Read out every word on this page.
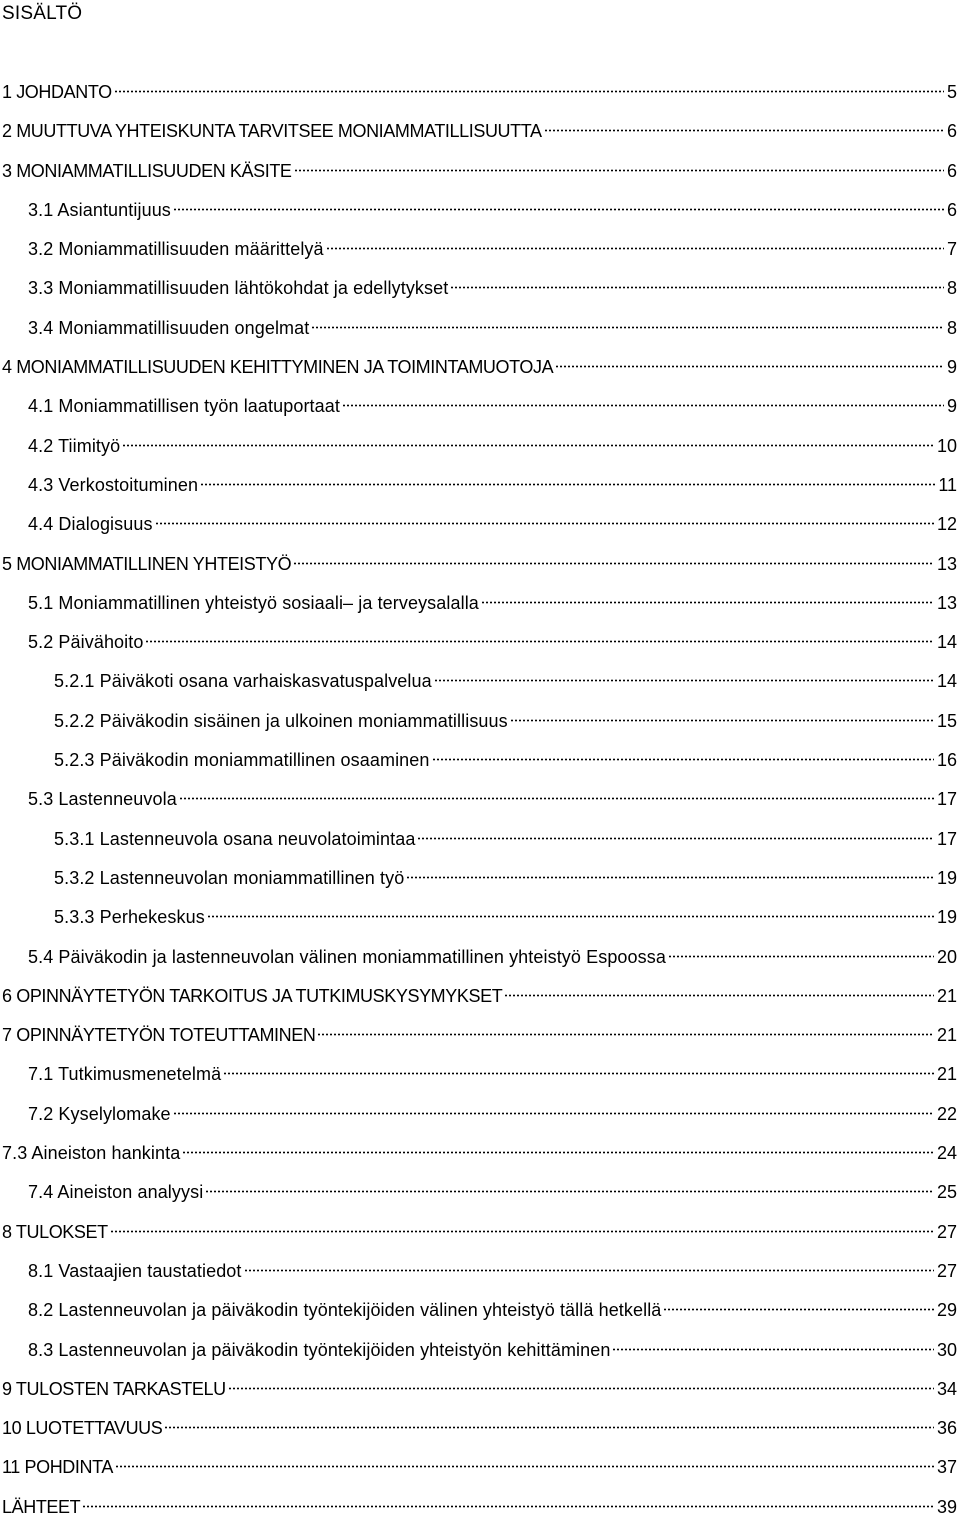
SISÄLTÖ
1 JOHDANTO	5
2 MUUTTUVA YHTEISKUNTA TARVITSEE MONIAMMATILLISUUTTA	6
3 MONIAMMATILLISUUDEN KÄSITE	6
3.1 Asiantuntijuus	6
3.2 Moniammatillisuuden määrittelyä	7
3.3 Moniammatillisuuden lähtökohdat ja edellytykset	8
3.4 Moniammatillisuuden ongelmat	8
4 MONIAMMATILLISUUDEN KEHITTYMINEN JA TOIMINTAMUOTOJA	9
4.1 Moniammatillisen työn laatuportaat	9
4.2 Tiimityö	10
4.3 Verkostoituminen	11
4.4 Dialogisuus	12
5 MONIAMMATILLINEN YHTEISTYÖ	13
5.1 Moniammatillinen yhteistyö sosiaali– ja terveysalalla	13
5.2 Päivähoito	14
5.2.1 Päiväkoti osana varhaiskasvatuspalvelua	14
5.2.2 Päiväkodin sisäinen ja ulkoinen moniammatillisuus	15
5.2.3 Päiväkodin moniammatillinen osaaminen	16
5.3 Lastenneuvola	17
5.3.1 Lastenneuvola osana neuvolatoimintaa	17
5.3.2 Lastenneuvolan moniammatillinen työ	19
5.3.3 Perhekeskus	19
5.4 Päiväkodin ja lastenneuvolan välinen moniammatillinen yhteistyö Espoossa	20
6 OPINNÄYTETYÖN TARKOITUS JA TUTKIMUSKYSYMYKSET	21
7 OPINNÄYTETYÖN TOTEUTTAMINEN	21
7.1 Tutkimusmenetelmä	21
7.2 Kyselylomake	22
7.3 Aineiston hankinta	24
7.4 Aineiston analyysi	25
8 TULOKSET	27
8.1 Vastaajien taustatiedot	27
8.2 Lastenneuvolan ja päiväkodin työntekijöiden välinen yhteistyö tällä hetkellä	29
8.3 Lastenneuvolan ja päiväkodin työntekijöiden yhteistyön kehittäminen	30
9 TULOSTEN TARKASTELU	34
10 LUOTETTAVUUS	36
11 POHDINTA	37
LÄHTEET	39
